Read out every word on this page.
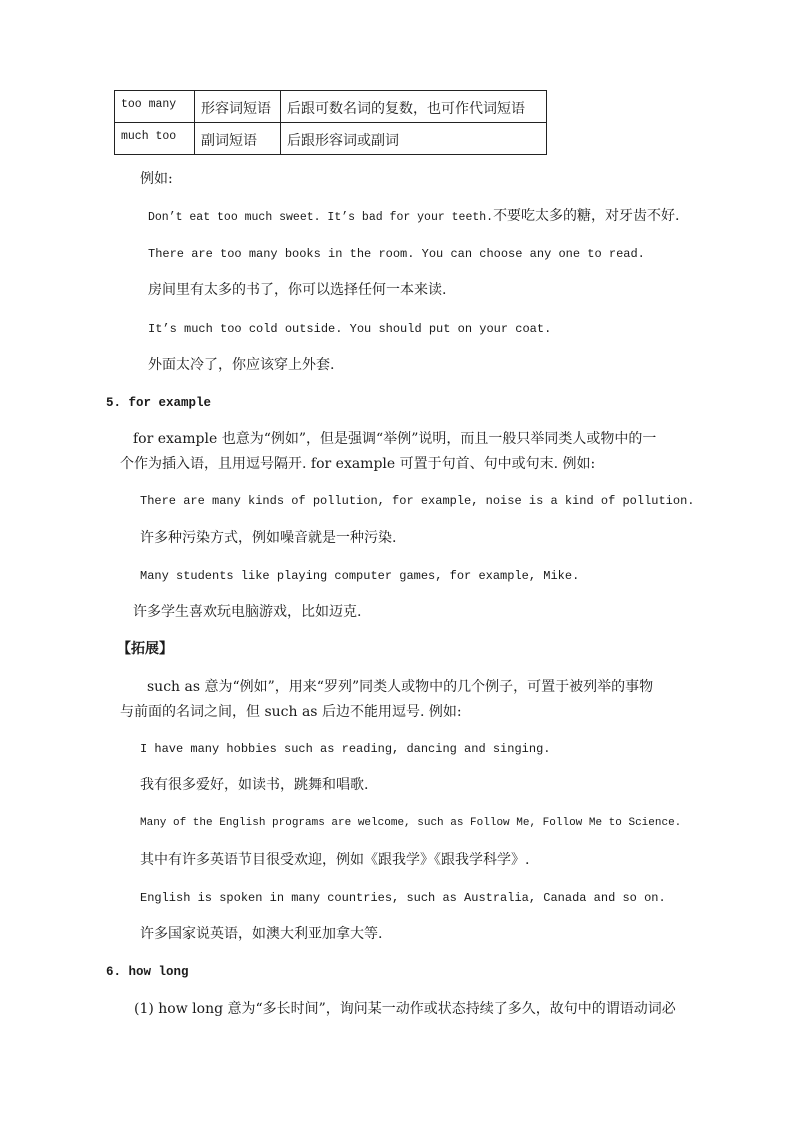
too many	形容词短语	后跟可数名词的复数，也可作代词短语
much too	副词短语	后跟形容词或副词
例如:
Don’t eat too much sweet. It’s bad for your teeth.不要吃太多的糖，对牙齿不好.
There are too many books in the room. You can choose any one to read.
房间里有太多的书了，你可以选择任何一本来读.
It’s much too cold outside. You should put on your coat.
外面太冷了，你应该穿上外套.
5. for example
for example 也意为“例如”，但是强调“举例”说明，而且一般只举同类人或物中的一
个作为插入语，且用逗号隔开. for example 可置于句首、句中或句末. 例如:
There are many kinds of pollution, for example, noise is a kind of pollution.
许多种污染方式，例如噪音就是一种污染.
Many students like playing computer games, for example, Mike.
许多学生喜欢玩电脑游戏，比如迈克.
【拓展】
such as 意为“例如”，用来“罗列”同类人或物中的几个例子，可置于被列举的事物
与前面的名词之间，但 such as 后边不能用逗号. 例如:
I have many hobbies such as reading, dancing and singing.
我有很多爱好，如读书，跳舞和唱歌.
Many of the English programs are welcome, such as Follow Me, Follow Me to Science.
其中有许多英语节目很受欢迎，例如《跟我学》《跟我学科学》.
English is spoken in many countries, such as Australia, Canada and so on.
许多国家说英语，如澳大利亚加拿大等.
6. how long
(1) how long 意为“多长时间”，询问某一动作或状态持续了多久，故句中的谓语动词必
